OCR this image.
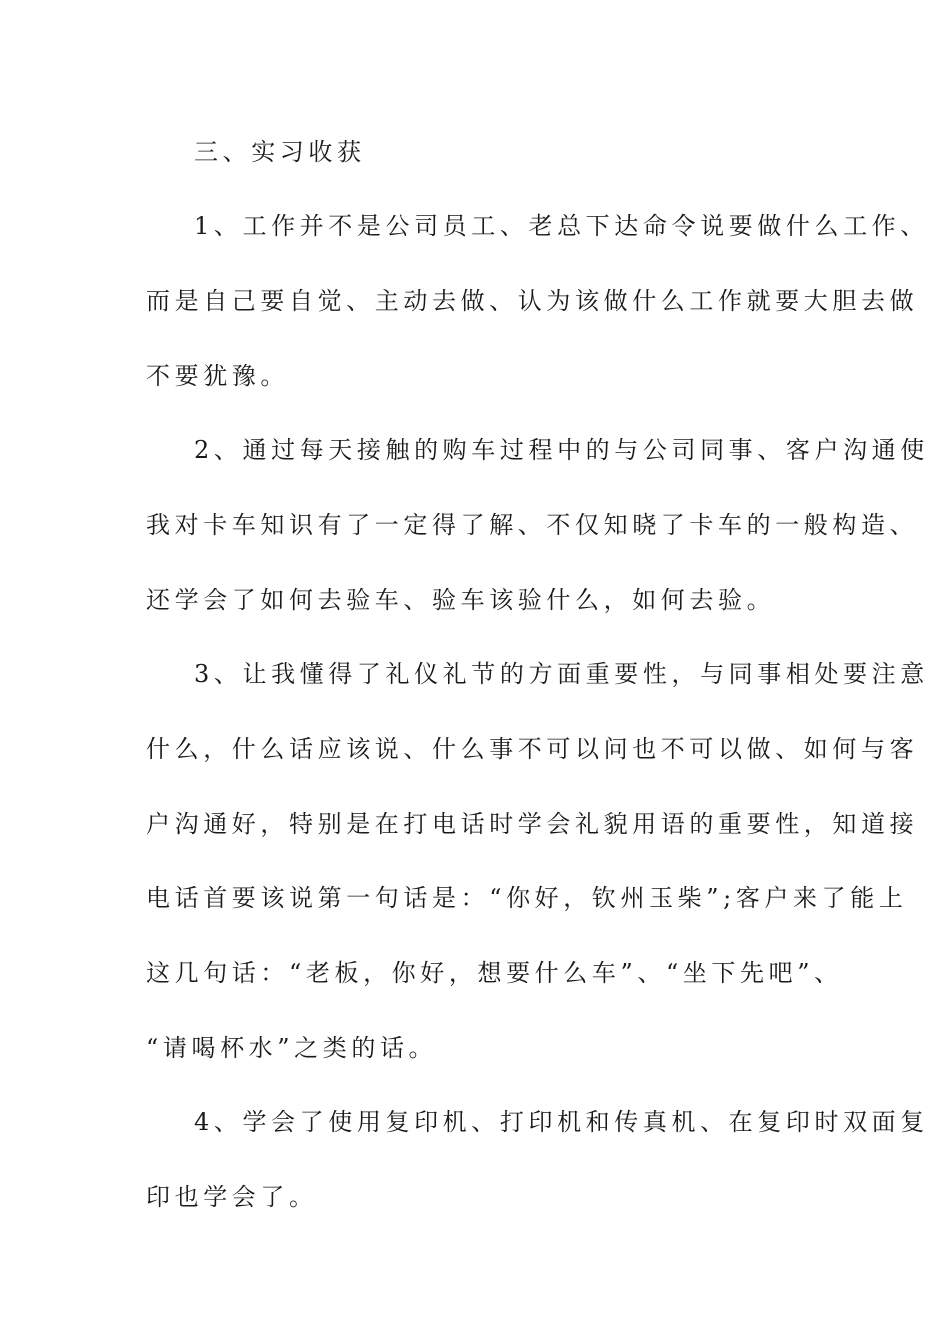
三、实习收获
1、工作并不是公司员工、老总下达命令说要做什么工作、
而是自己要自觉、主动去做、认为该做什么工作就要大胆去做
不要犹豫。
2、通过每天接触的购车过程中的与公司同事、客户沟通使
我对卡车知识有了一定得了解、不仅知晓了卡车的一般构造、
还学会了如何去验车、验车该验什么，如何去验。
3、让我懂得了礼仪礼节的方面重要性，与同事相处要注意
什么，什么话应该说、什么事不可以问也不可以做、如何与客
户沟通好，特别是在打电话时学会礼貌用语的重要性，知道接
电话首要该说第一句话是：“你好，钦州玉柴”;客户来了能上
这几句话：“老板，你好，想要什么车”、“坐下先吧”、
“请喝杯水”之类的话。
4、学会了使用复印机、打印机和传真机、在复印时双面复
印也学会了。
